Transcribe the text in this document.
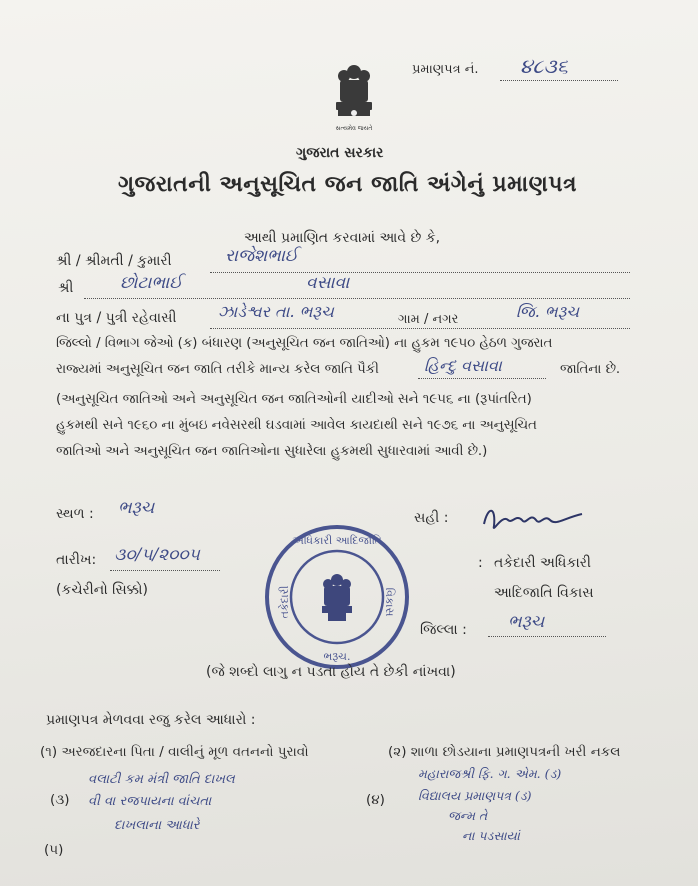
પ્રમાણપત્ર નં. ૪૮૩૬
સત્યમેવ જયતે
ગુજરાત સરકાર
ગુજરાતની અનુસૂચિત જન જાતિ અંગેનું પ્રમાણપત્ર
આથી પ્રમાણિત કરવામાં આવે છે કે,
શ્રી / શ્રીમતી / કુમારી	રાજેશભાઈ
શ્રી	છોટાભાઈ	વસાવા
ના પુત્ર / પુત્રી રહેવાસી	ઝાડેશ્વર તા. ભરૂચ	ગામ / નગર	જિ. ભરૂચ
જિલ્લો / વિભાગ જેઓ (ક) બંધારણ (અનુસૂચિત જન જાતિઓ) ના હુકમ ૧૯૫૦ હેઠળ ગુજરાત
રાજ્યમાં અનુસૂચિત જન જાતિ તરીકે માન્ય કરેલ જાતિ પૈકી	હિન્દુ વસાવા	જાતિના છે.
(અનુસૂચિત જાતિઓ અને અનુસૂચિત જન જાતિઓની યાદીઓ સને ૧૯૫૬ ના (રૂપાંતરિત)
હુકમથી સને ૧૯૬૦ ના મુંબઇ નવેસરથી ઘડવામાં આવેલ કાયદાથી સને ૧૯૭૬ ના અનુસૂચિત
જાતિઓ અને અનુસૂચિત જન જાતિઓના સુધારેલા હુકમથી સુધારવામાં આવી છે.)
સ્થળ : ભરૂચ	સહી :
તારીખ: ૩૦/૫/૨૦૦૫
(કચેરીનો સિક્કો)
અધિકારી આદિજાતિ
તકેદારી	વિકાસ
ભરૂચ.
: તકેદારી અધિકારી
આદિજાતિ વિકાસ
જિલ્લા : ભરૂચ
(જે શબ્દો લાગુ ન પડતા હોય તે છેકી નાંખવા)
પ્રમાણપત્ર મેળવવા રજુ કરેલ આધારો :
(૧) અરજદારના પિતા / વાલીનું મૂળ વતનનો પુરાવો	(૨) શાળા છોડયાના પ્રમાણપત્રની ખરી નકલ
(૩)
વલાટી કમ મંત્રી જાતિ દાખલ
વી વા રજપાયના વાંચતા
દાખલાના આધારે
(૪)
મહારાજશ્રી ફિ. ગ. એમ. (ડ)
વિદ્યાલય પ્રમાણપત્ર (ડ)
જન્મ તે
ના પડસાયાં
(૫)
